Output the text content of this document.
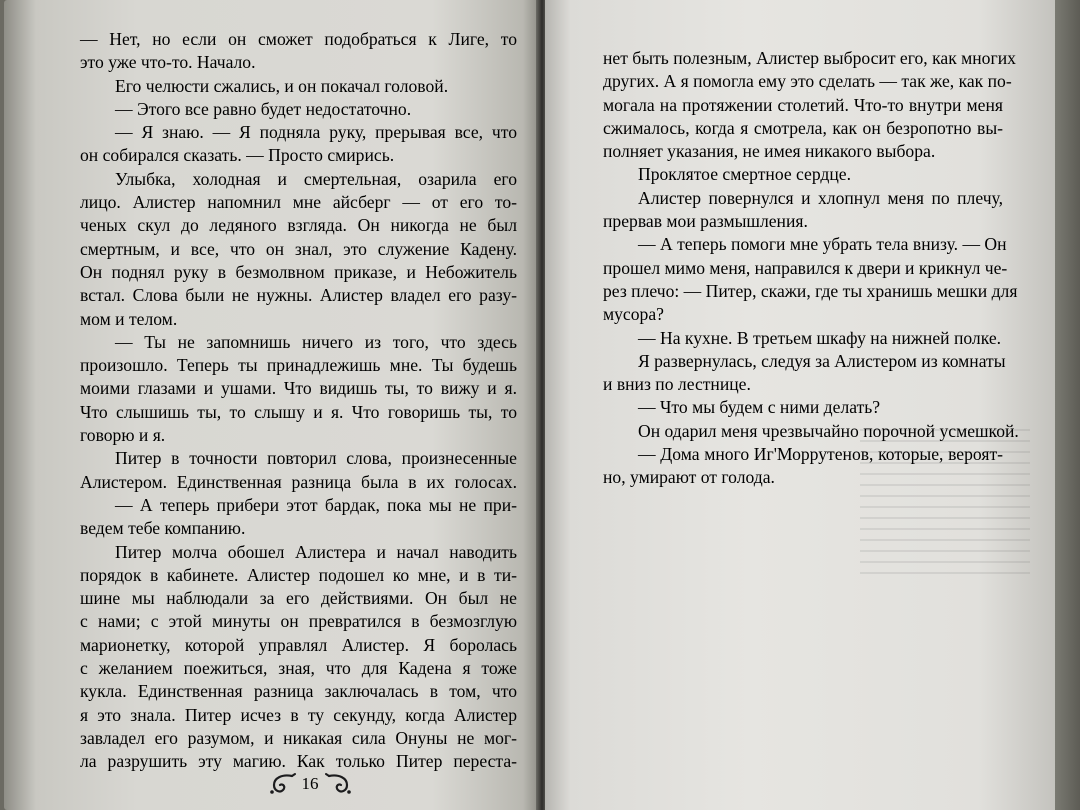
— Нет, но если он сможет подобраться к Лиге, то
это уже что-то. Начало.
Его челюсти сжались, и он покачал головой.
— Этого все равно будет недостаточно.
— Я знаю. — Я подняла руку, прерывая все, что
он собирался сказать. — Просто смирись.
Улыбка, холодная и смертельная, озарила его
лицо. Алистер напомнил мне айсберг — от его то-
ченых скул до ледяного взгляда. Он никогда не был
смертным, и все, что он знал, это служение Кадену.
Он поднял руку в безмолвном приказе, и Небожитель
встал. Слова были не нужны. Алистер владел его разу-
мом и телом.
— Ты не запомнишь ничего из того, что здесь
произошло. Теперь ты принадлежишь мне. Ты будешь
моими глазами и ушами. Что видишь ты, то вижу и я.
Что слышишь ты, то слышу и я. Что говоришь ты, то
говорю и я.
Питер в точности повторил слова, произнесенные
Алистером. Единственная разница была в их голосах.
— А теперь прибери этот бардак, пока мы не при-
ведем тебе компанию.
Питер молча обошел Алистера и начал наводить
порядок в кабинете. Алистер подошел ко мне, и в ти-
шине мы наблюдали за его действиями. Он был не
с нами; с этой минуты он превратился в безмозглую
марионетку, которой управлял Алистер. Я боролась
с желанием поежиться, зная, что для Кадена я тоже
кукла. Единственная разница заключалась в том, что
я это знала. Питер исчез в ту секунду, когда Алистер
завладел его разумом, и никакая сила Онуны не мог-
ла разрушить эту магию. Как только Питер переста-
нет быть полезным, Алистер выбросит его, как многих
других. А я помогла ему это сделать — так же, как по-
могала на протяжении столетий. Что-то внутри меня
сжималось, когда я смотрела, как он безропотно вы-
полняет указания, не имея никакого выбора.
Проклятое смертное сердце.
Алистер повернулся и хлопнул меня по плечу,
прервав мои размышления.
— А теперь помоги мне убрать тела внизу. — Он
прошел мимо меня, направился к двери и крикнул че-
рез плечо: — Питер, скажи, где ты хранишь мешки для
мусора?
— На кухне. В третьем шкафу на нижней полке.
Я развернулась, следуя за Алистером из комнаты
и вниз по лестнице.
— Что мы будем с ними делать?
Он одарил меня чрезвычайно порочной усмешкой.
— Дома много Иг'Моррутенов, которые, вероят-
но, умирают от голода.
16
